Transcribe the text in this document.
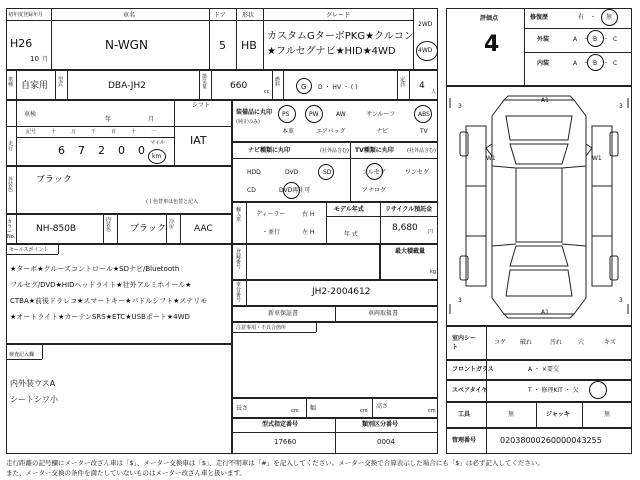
初年度登録年月
H26
10 月
車名
N-WGN
ドア
5
形状
HB
グレード
カスタムGターボPKG★クルコン
★フルセグナビ★HID★4WD
2WD
4WD
車種 自家用
型式	DBA-JH2
排気量	660
cc
燃料	G D ・ HV ・ ( )
定員 4
人
車検
年	月
シフト
IAT
走行
記号	十	万	千	百	十	一
6 7 2 0 0
マイル
km
装備品に丸印
(純正のみ)
PS	PW	AW	サンルーフ	ABS
本革	エアバッグ	ナビ	TV
ナビ種類に丸印	(社外品含む) TV種類に丸印	(社外品含む)
HDD	DVD	SD
CD	DVD再生可
フルセグ	ワンセグ
アナログ
外装色
ブラック
( ) 色替車は色替と記入
カラーNo.
NH-850B
内装色	ブラック
冷房	AAC
輸入車
ディーラー
・並行
右 H
左 H
モデル年式
年 式
リサイクル預託金
8,680 円
最大積載量
kg
セールスポイント
★ターボ★クルーズコントロール★SDナビ/Bluetooth
フルセグ/DVD★HIDヘッドライト★社外アルミホイール★
CTBA★前後ドラレコ★スマートキー★パドルシフト★ステリモ
★オートライト★カーテンSRS★ETC★USBポート★4WD
登録番号
車台番号
JH2-2004612
新車保証書	車両取扱書
注意事項・不具合箇所
検査記入欄
内外装ウスA
シートシワ小
長さ	cm 幅	cm
高さ
cm
型式指定番号
17660
類別区分番号
0004
評価点
4
修復歴	有 ・ 無
外装
内装
A	B	C
・ ・
A	B	C
・ ・
A1
W1	W1
A1
3	3
3	3
室内シート
コゲ 破れ	汚れ	穴	キズ
フロントガラス	A ・ ×要交
スペアタイヤ	T ・ 修理KIT ・ 欠
工具	無	ジャッキ	無
管理番号	02038000260000043255
走行距離の記号欄にメーター改ざん車は「$」、メーター交換車は「$」、走行不明車は「#」を記入してください。メーター交換で合算表示した場合にも「$」は必ず記入してください。
また、メーター交換の条件を満たしていないものはメーター改ざん車と扱います。
